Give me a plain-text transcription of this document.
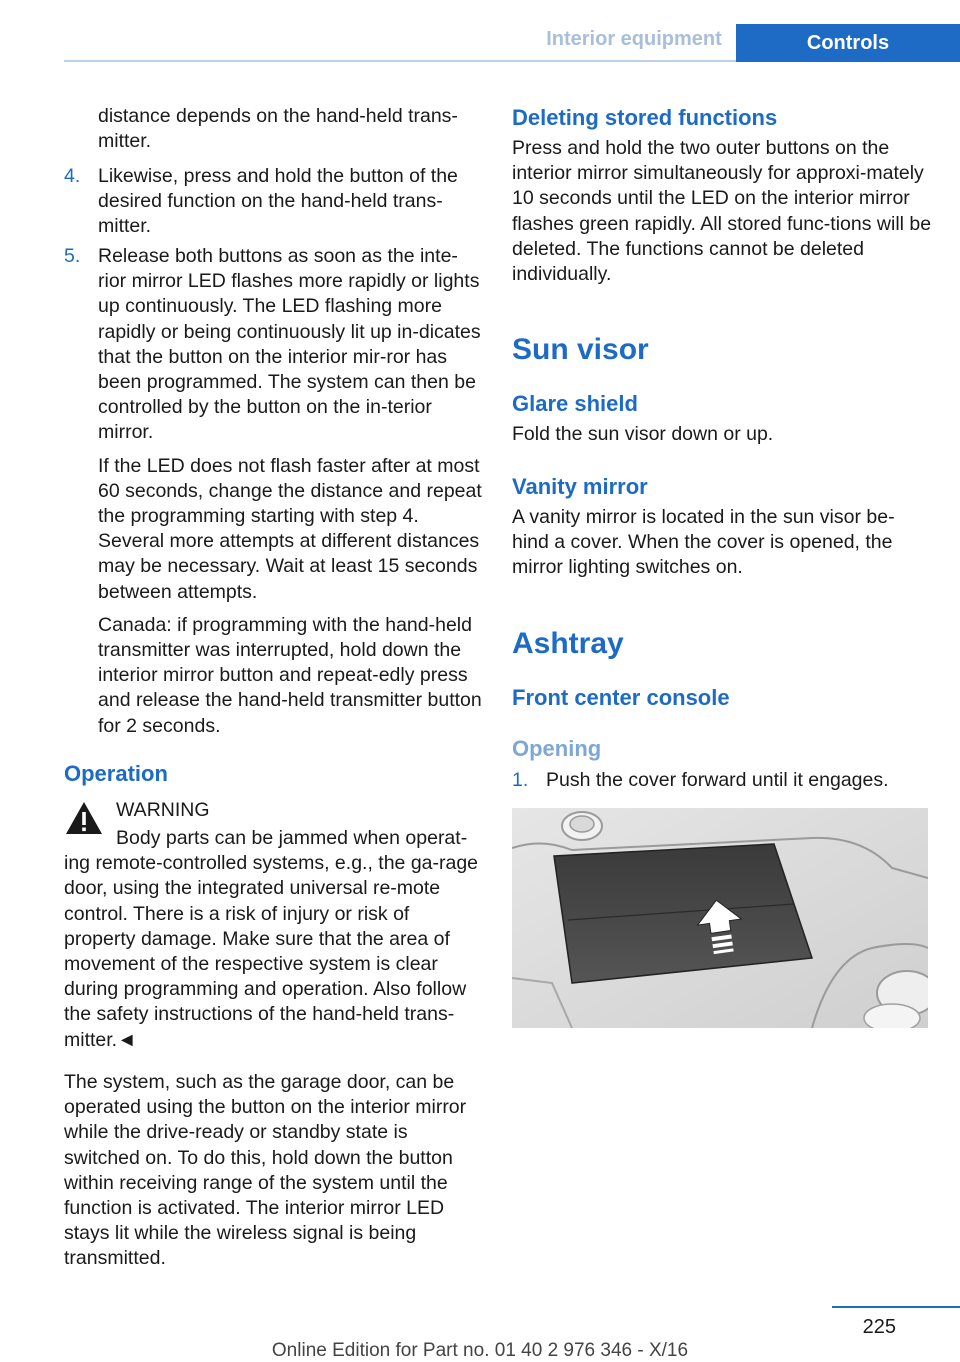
Interior equipment	Controls

distance depends on the hand-held trans-
mitter.

4. Likewise, press and hold the button of the desired function on the hand-held trans-mitter.

5. Release both buttons as soon as the inte-rior mirror LED flashes more rapidly or lights up continuously. The LED flashing more rapidly or being continuously lit up in-dicates that the button on the interior mir-ror has been programmed. The system can then be controlled by the button on the in-terior mirror.

If the LED does not flash faster after at most 60 seconds, change the distance and repeat the programming starting with step 4. Several more attempts at different distances may be necessary. Wait at least 15 seconds between attempts.

Canada: if programming with the hand-held transmitter was interrupted, hold down the interior mirror button and repeat-edly press and release the hand-held transmitter button for 2 seconds.

Operation

WARNING

Body parts can be jammed when operat-ing remote-controlled systems, e.g., the ga-rage door, using the integrated universal re-mote control. There is a risk of injury or risk of property damage. Make sure that the area of movement of the respective system is clear during programming and operation. Also follow the safety instructions of the hand-held trans-mitter.◄

The system, such as the garage door, can be operated using the button on the interior mirror while the drive-ready or standby state is switched on. To do this, hold down the button within receiving range of the system until the function is activated. The interior mirror LED stays lit while the wireless signal is being transmitted.

Deleting stored functions

Press and hold the two outer buttons on the interior mirror simultaneously for approxi-mately 10 seconds until the LED on the interior mirror flashes green rapidly. All stored func-tions will be deleted. The functions cannot be deleted individually.

Sun visor
Glare shield

Fold the sun visor down or up.

Vanity mirror

A vanity mirror is located in the sun visor be-hind a cover. When the cover is opened, the mirror lighting switches on.

Ashtray
Front center console
Opening

1. Push the cover forward until it engages.

225
Online Edition for Part no. 01 40 2 976 346 - X/16
